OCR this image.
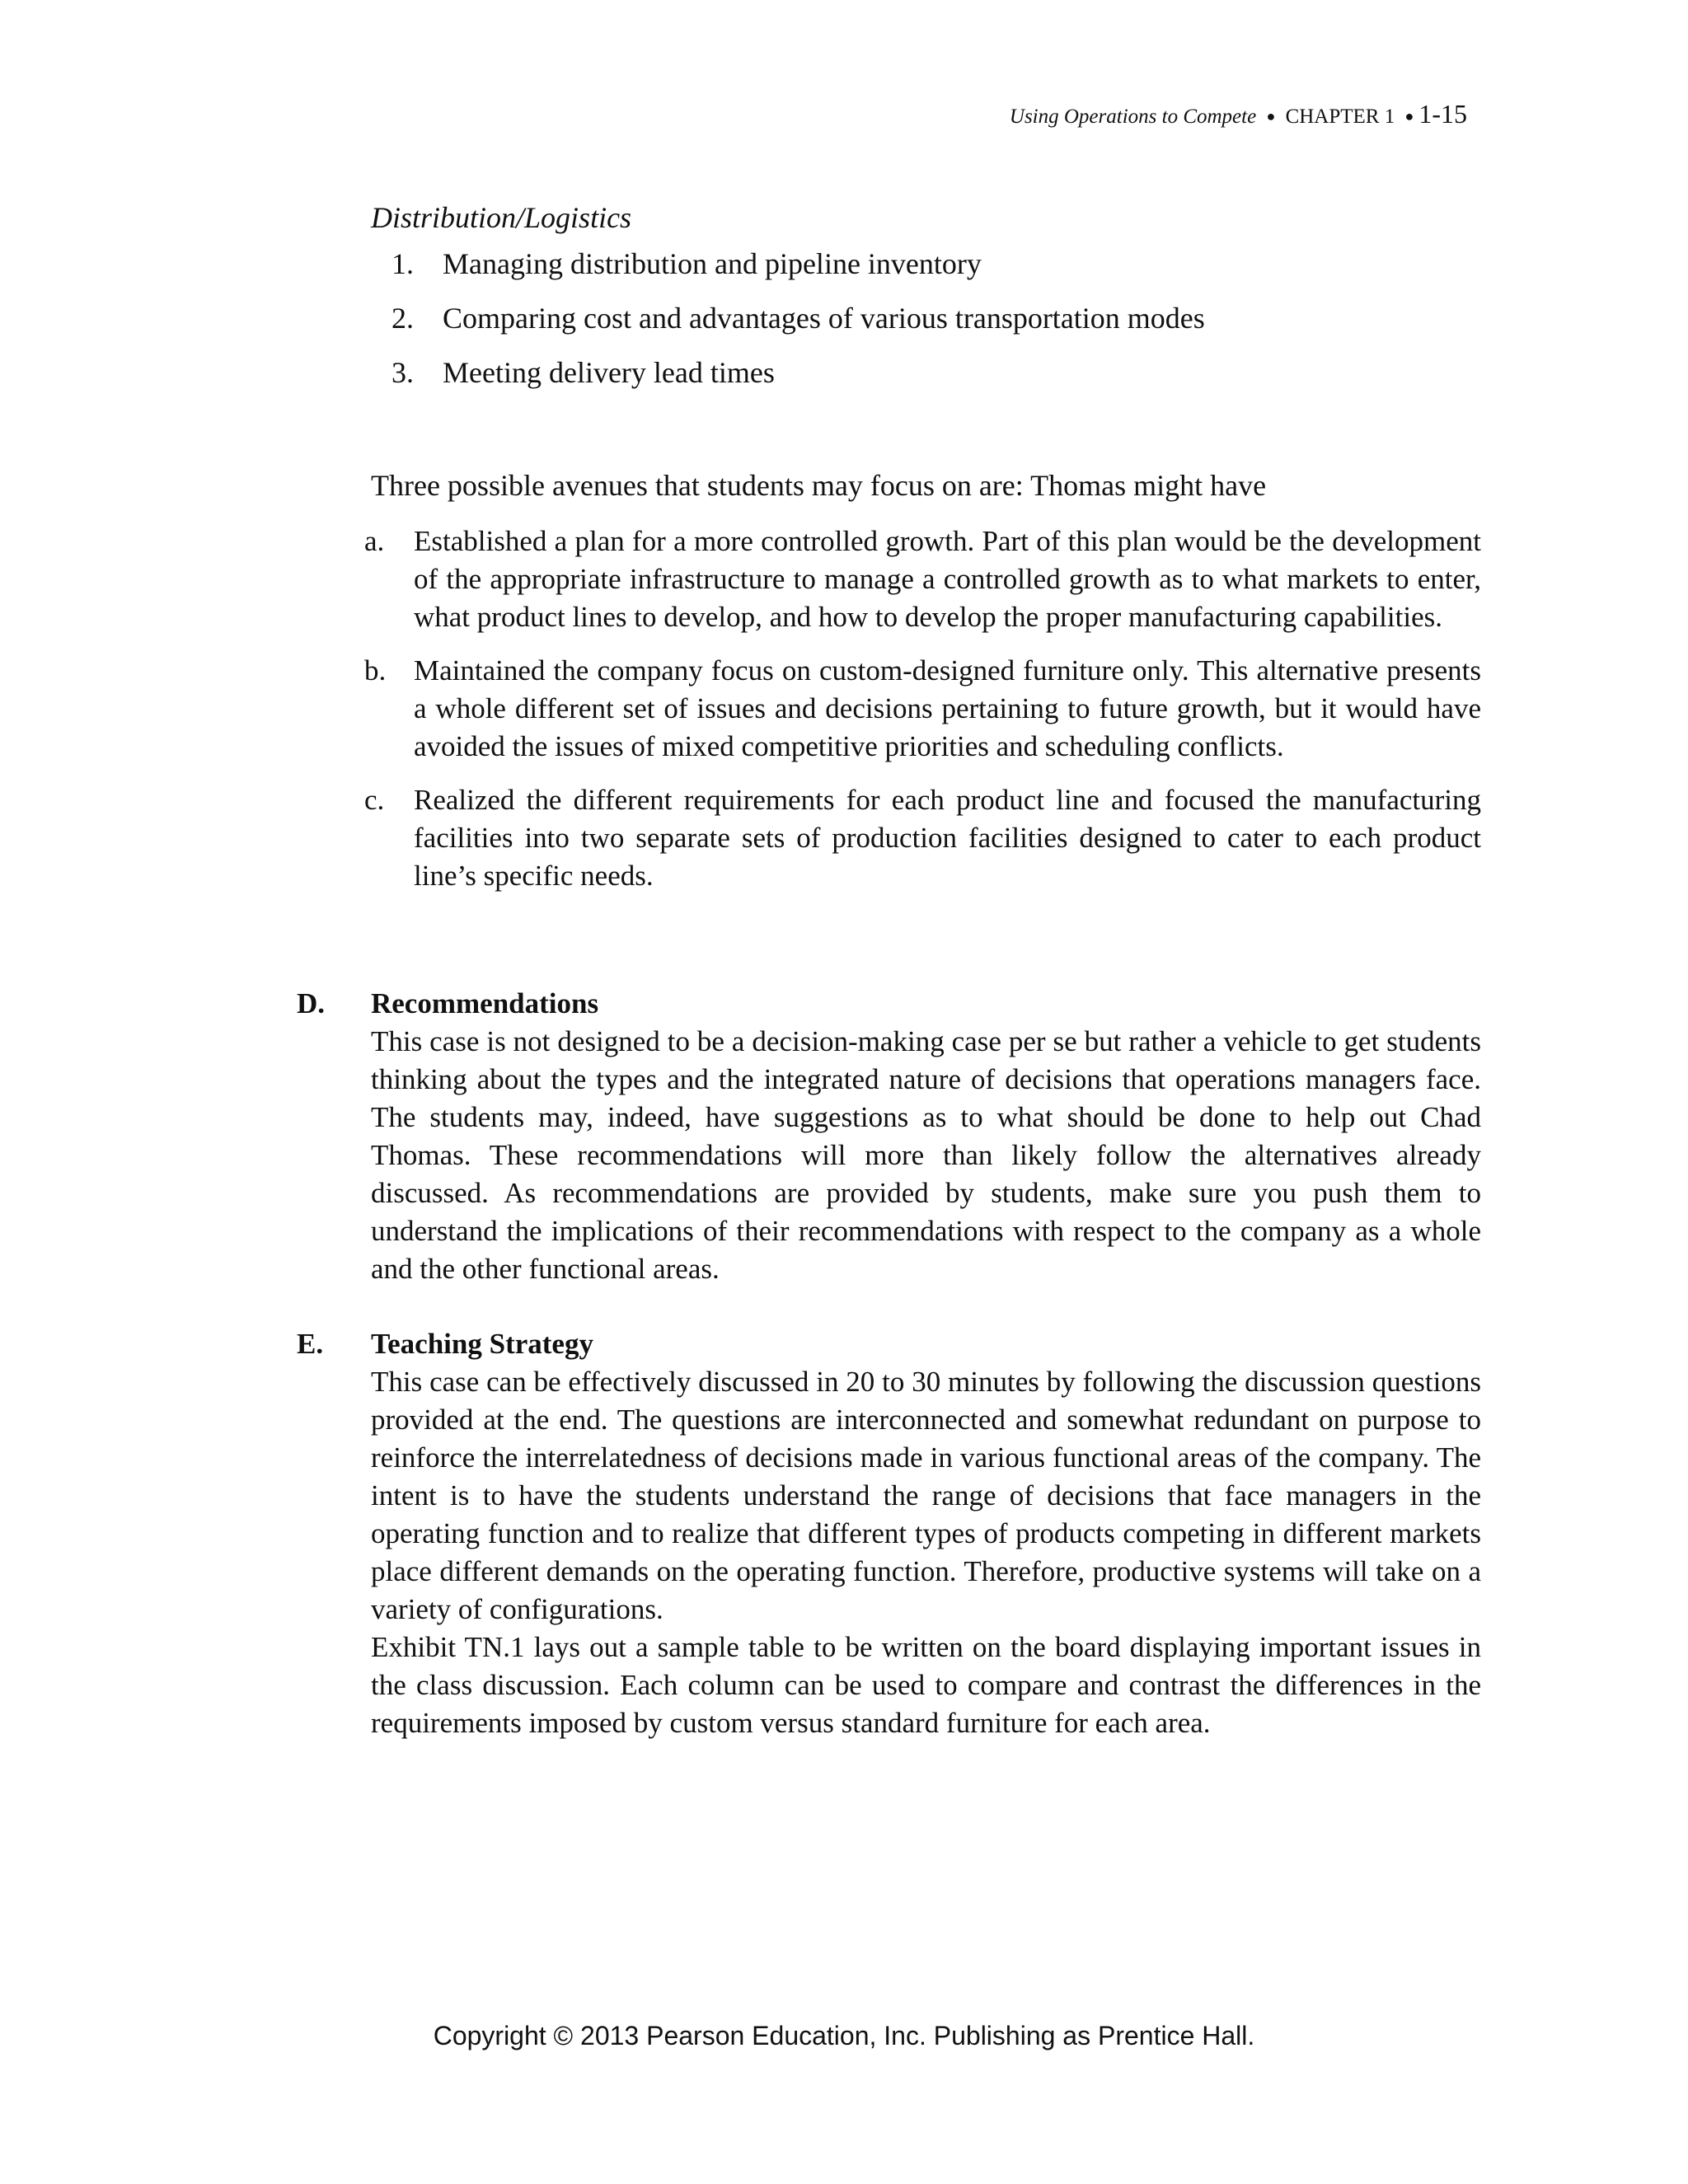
Using Operations to Compete ● CHAPTER 1 ● 1-15
Distribution/Logistics
1. Managing distribution and pipeline inventory
2. Comparing cost and advantages of various transportation modes
3. Meeting delivery lead times
Three possible avenues that students may focus on are: Thomas might have
a.	Established a plan for a more controlled growth. Part of this plan would be the development of the appropriate infrastructure to manage a controlled growth as to what markets to enter, what product lines to develop, and how to develop the proper manufacturing capabilities.
b. Maintained the company focus on custom-designed furniture only. This alternative presents a whole different set of issues and decisions pertaining to future growth, but it would have avoided the issues of mixed competitive priorities and scheduling conflicts.
c.	Realized the different requirements for each product line and focused the manufacturing facilities into two separate sets of production facilities designed to cater to each product line’s specific needs.
D.	Recommendations

This case is not designed to be a decision-making case per se but rather a vehicle to get students thinking about the types and the integrated nature of decisions that operations managers face. The students may, indeed, have suggestions as to what should be done to help out Chad Thomas. These recommendations will more than likely follow the alternatives already discussed. As recommendations are provided by students, make sure you push them to understand the implications of their recommendations with respect to the company as a whole and the other functional areas.

E.	Teaching Strategy

This case can be effectively discussed in 20 to 30 minutes by following the discussion questions provided at the end. The questions are interconnected and somewhat redundant on purpose to reinforce the interrelatedness of decisions made in various functional areas of the company. The intent is to have the students understand the range of decisions that face managers in the operating function and to realize that different types of products competing in different markets place different demands on the operating function. Therefore, productive systems will take on a variety of configurations.

Exhibit TN.1 lays out a sample table to be written on the board displaying important issues in the class discussion. Each column can be used to compare and contrast the differences in the requirements imposed by custom versus standard furniture for each area.

Copyright © 2013 Pearson Education, Inc. Publishing as Prentice Hall.
